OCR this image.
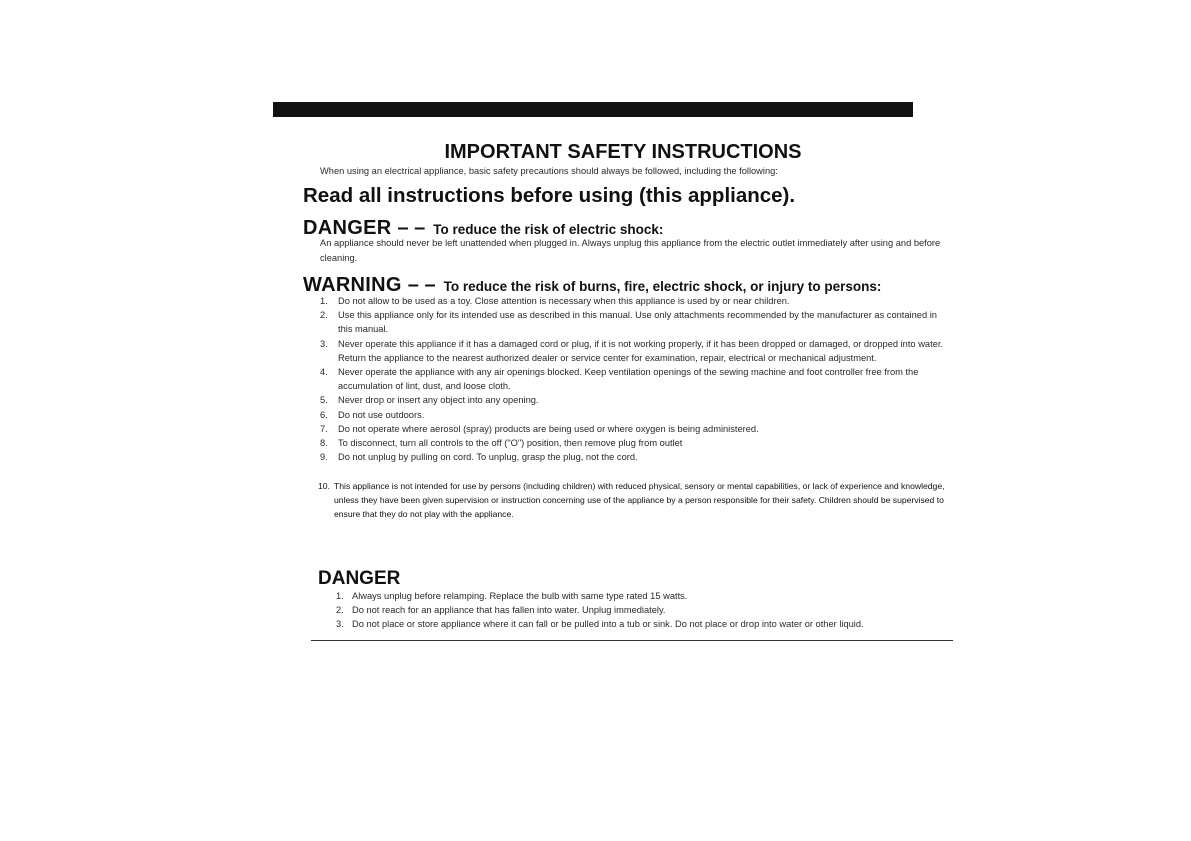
IMPORTANT SAFETY INSTRUCTIONS
When using an electrical appliance, basic safety precautions should always be followed, including the following:
Read all instructions before using (this appliance).
DANGER – – To reduce the risk of electric shock:
An appliance should never be left unattended when plugged in. Always unplug this appliance from the electric outlet immediately after using and before cleaning.
WARNING – – To reduce the risk of burns, fire, electric shock, or injury to persons:
1. Do not allow to be used as a toy. Close attention is necessary when this appliance is used by or near children.
2. Use this appliance only for its intended use as described in this manual. Use only attachments recommended by the manufacturer as contained in this manual.
3. Never operate this appliance if it has a damaged cord or plug, if it is not working properly, if it has been dropped or damaged, or dropped into water. Return the appliance to the nearest authorized dealer or service center for examination, repair, electrical or mechanical adjustment.
4. Never operate the appliance with any air openings blocked. Keep ventilation openings of the sewing machine and foot controller free from the accumulation of lint, dust, and loose cloth.
5. Never drop or insert any object into any opening.
6. Do not use outdoors.
7. Do not operate where aerosol (spray) products are being used or where oxygen is being administered.
8. To disconnect, turn all controls to the off ("O") position, then remove plug from outlet
9. Do not unplug by pulling on cord. To unplug, grasp the plug, not the cord.
10. This appliance is not intended for use by persons (including children) with reduced physical, sensory or mental capabilities, or lack of experience and knowledge, unless they have been given supervision or instruction concerning use of the appliance by a person responsible for their safety. Children should be supervised to ensure that they do not play with the appliance.
DANGER
1. Always unplug before relamping. Replace the bulb with same type rated 15 watts.
2. Do not reach for an appliance that has fallen into water. Unplug immediately.
3. Do not place or store appliance where it can fall or be pulled into a tub or sink. Do not place or drop into water or other liquid.
